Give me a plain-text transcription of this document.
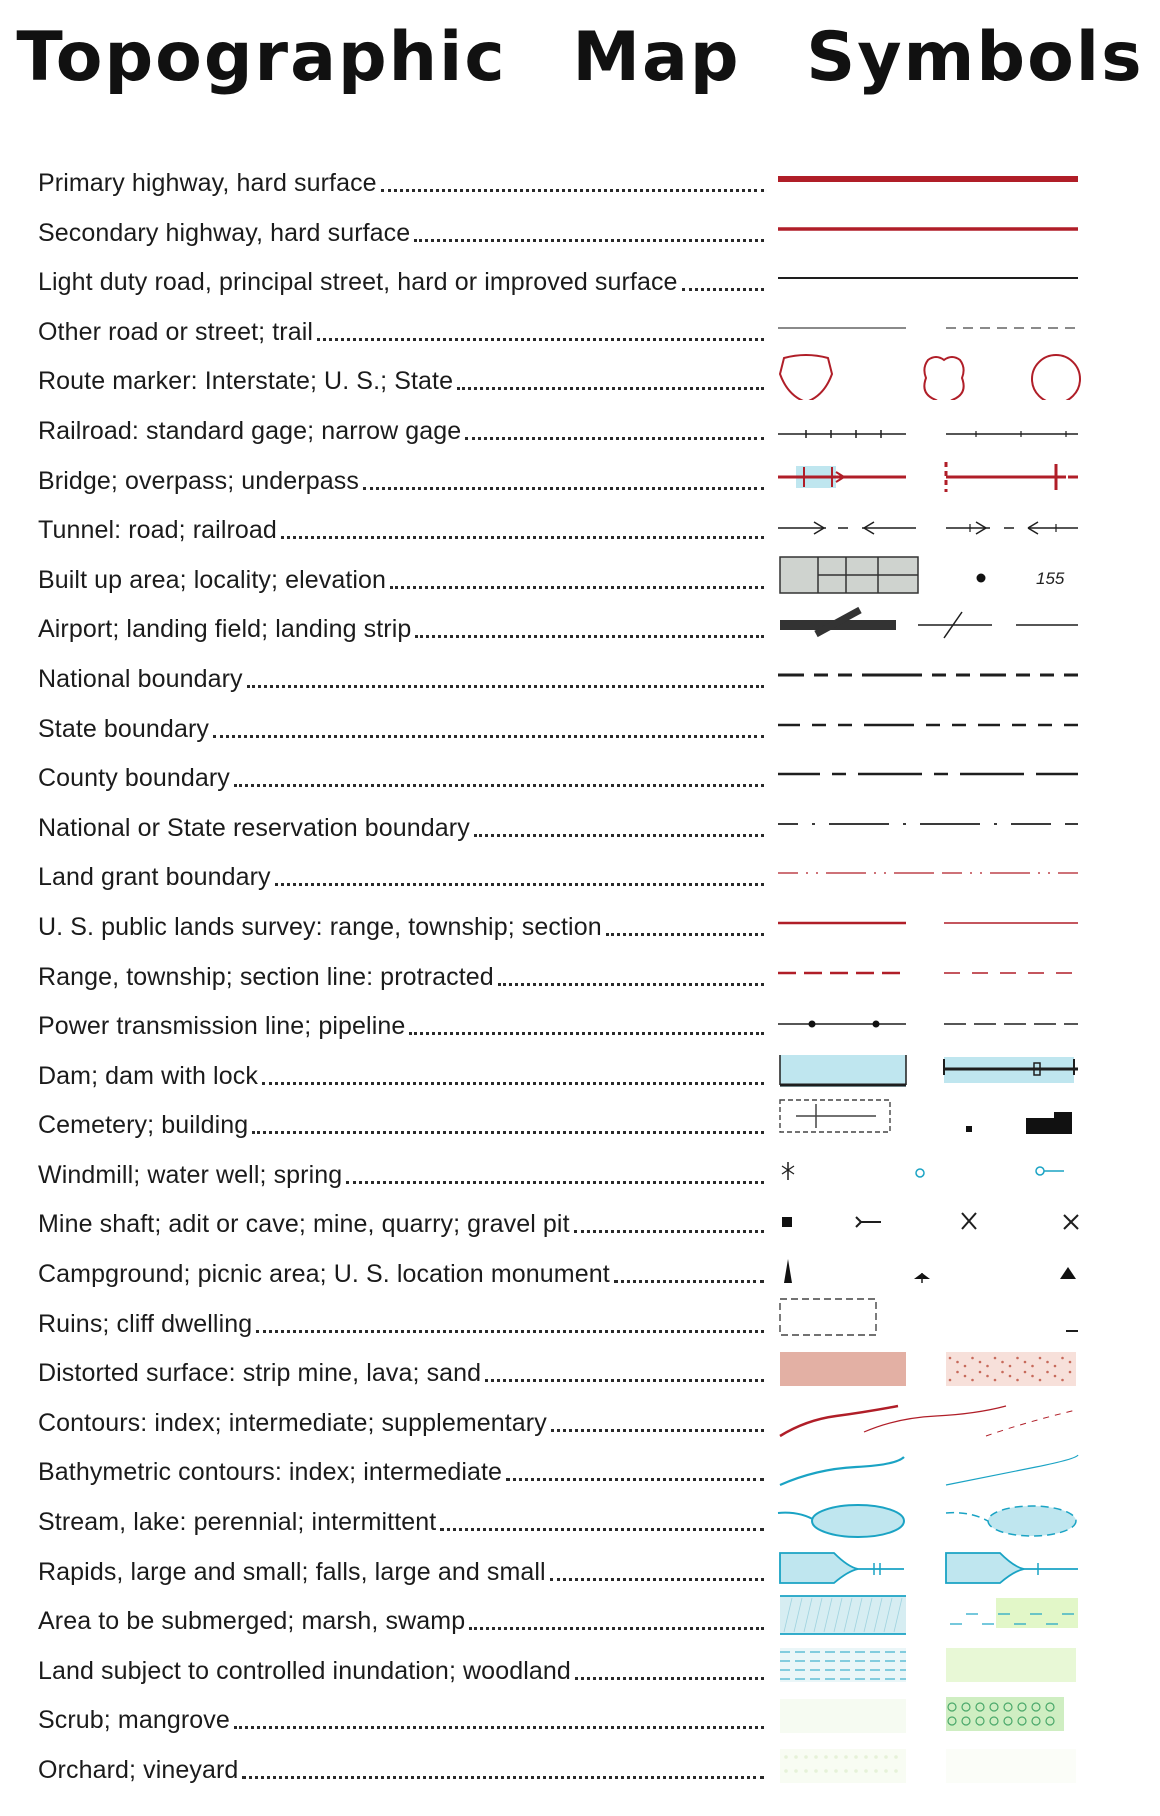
Topographic Map Symbols
Primary highway, hard surface
Secondary highway, hard surface
Light duty road, principal street, hard or improved surface
Other road or street; trail
Route marker: Interstate; U. S.; State
Railroad: standard gage; narrow gage
Bridge; overpass; underpass
Tunnel: road; railroad
Built up area; locality; elevation	155
Airport; landing field; landing strip
National boundary
State boundary
County boundary
National or State reservation boundary
Land grant boundary
U. S. public lands survey: range, township; section
Range, township; section line: protracted
Power transmission line; pipeline
Dam; dam with lock
Cemetery; building
Windmill; water well; spring
Mine shaft; adit or cave; mine, quarry; gravel pit
Campground; picnic area; U. S. location monument
Ruins; cliff dwelling
Distorted surface: strip mine, lava; sand
Contours: index; intermediate; supplementary
Bathymetric contours: index; intermediate
Stream, lake: perennial; intermittent
Rapids, large and small; falls, large and small
Area to be submerged; marsh, swamp
Land subject to controlled inundation; woodland
Scrub; mangrove
Orchard; vineyard
